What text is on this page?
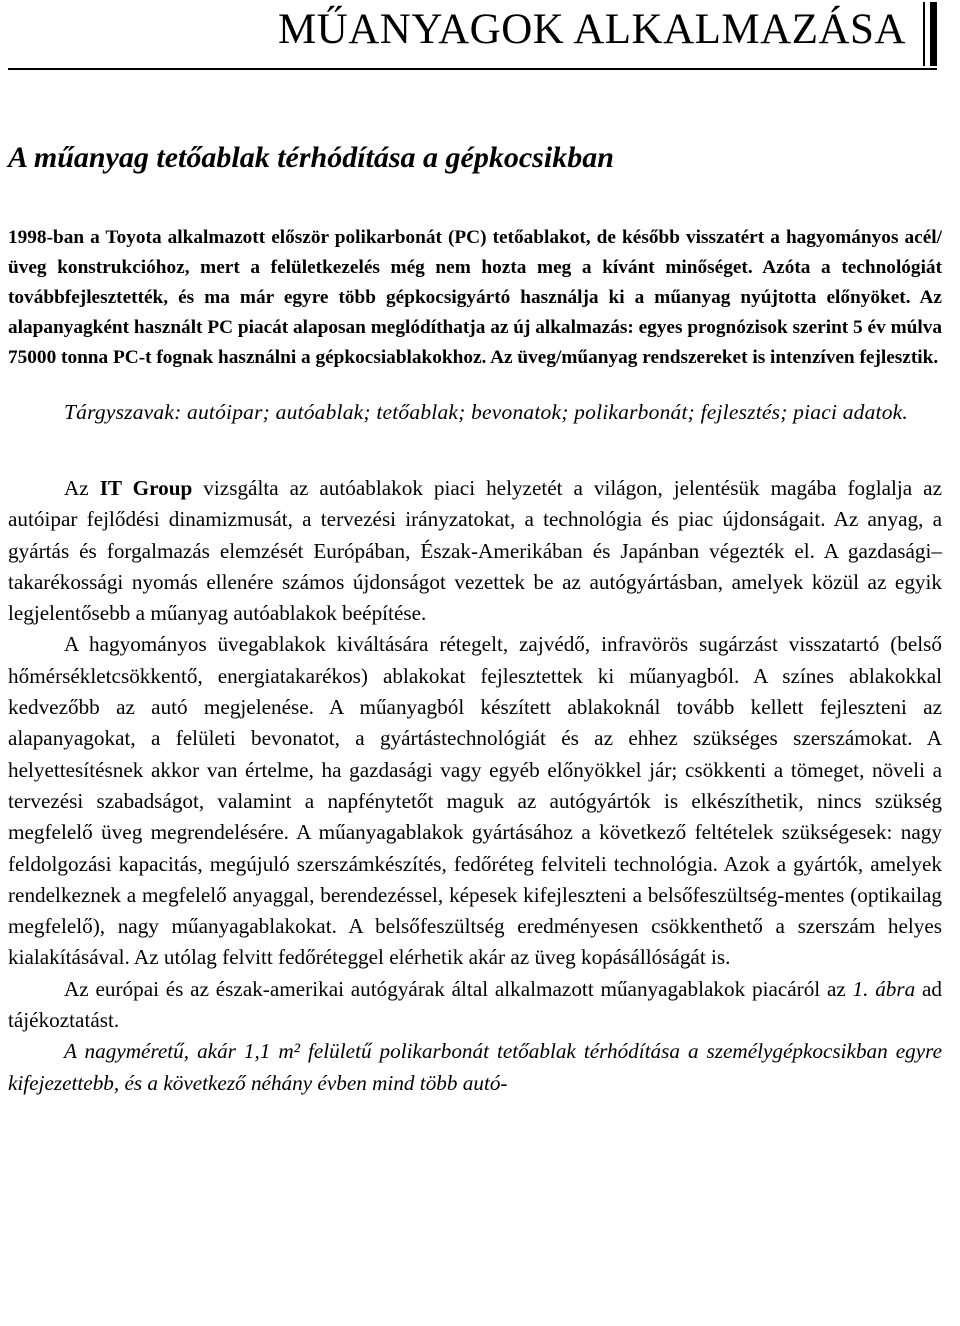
MŰANYAGOK ALKALMAZÁSA
A műanyag tetőablak térhódítása a gépkocsikban

1998-ban a Toyota alkalmazott először polikarbonát (PC) tetőablakot, de később visszatért a hagyományos acél/üveg konstrukcióhoz, mert a felületkezelés még nem hozta meg a kívánt minőséget. Azóta a technológiát továbbfejlesztették, és ma már egyre több gépkocsigyártó használja ki a műanyag nyújtotta előnyöket. Az alapanyagként használt PC piacát alaposan meglódíthatja az új alkalmazás: egyes prognózisok szerint 5 év múlva 75000 tonna PC-t fognak használni a gépkocsiablakokhoz. Az üveg/műanyag rendszereket is intenzíven fejlesztik.

Tárgyszavak: autóipar; autóablak; tetőablak; bevonatok; polikarbonát; fejlesztés; piaci adatok.

Az IT Group vizsgálta az autóablakok piaci helyzetét a világon, jelentésük magába foglalja az autóipar fejlődési dinamizmusát, a tervezési irányzatokat, a technológia és piac újdonságait. Az anyag, a gyártás és forgalmazás elemzését Európában, Észak-Amerikában és Japánban végezték el. A gazdasági–takarékossági nyomás ellenére számos újdonságot vezettek be az autógyártásban, amelyek közül az egyik legjelentősebb a műanyag autóablakok beépítése.

A hagyományos üvegablakok kiváltására rétegelt, zajvédő, infravörös sugárzást visszatartó (belső hőmérsékletcsökkentő, energiatakarékos) ablakokat fejlesztettek ki műanyagból. A színes ablakokkal kedvezőbb az autó megjelenése. A műanyagból készített ablakoknál tovább kellett fejleszteni az alapanyagokat, a felületi bevonatot, a gyártástechnológiát és az ehhez szükséges szerszámokat. A helyettesítésnek akkor van értelme, ha gazdasági vagy egyéb előnyökkel jár; csökkenti a tömeget, növeli a tervezési szabadságot, valamint a napfénytetőt maguk az autógyártók is elkészíthetik, nincs szükség megfelelő üveg megrendelésére. A műanyagablakok gyártásához a következő feltételek szükségesek: nagy feldolgozási kapacitás, megújuló szerszámkészítés, fedőréteg felviteli technológia. Azok a gyártók, amelyek rendelkeznek a megfelelő anyaggal, berendezéssel, képesek kifejleszteni a belsőfeszültség-mentes (optikailag megfelelő), nagy műanyagablakokat. A belsőfeszültség eredményesen csökkenthető a szerszám helyes kialakításával. Az utólag felvitt fedőréteggel elérhetik akár az üveg kopásállóságát is.

Az európai és az észak-amerikai autógyárak által alkalmazott műanyagablakok piacáról az 1. ábra ad tájékoztatást.

A nagyméretű, akár 1,1 m² felületű polikarbonát tetőablak térhódítása a személygépkocsikban egyre kifejezettebb, és a következő néhány évben mind több autó-
